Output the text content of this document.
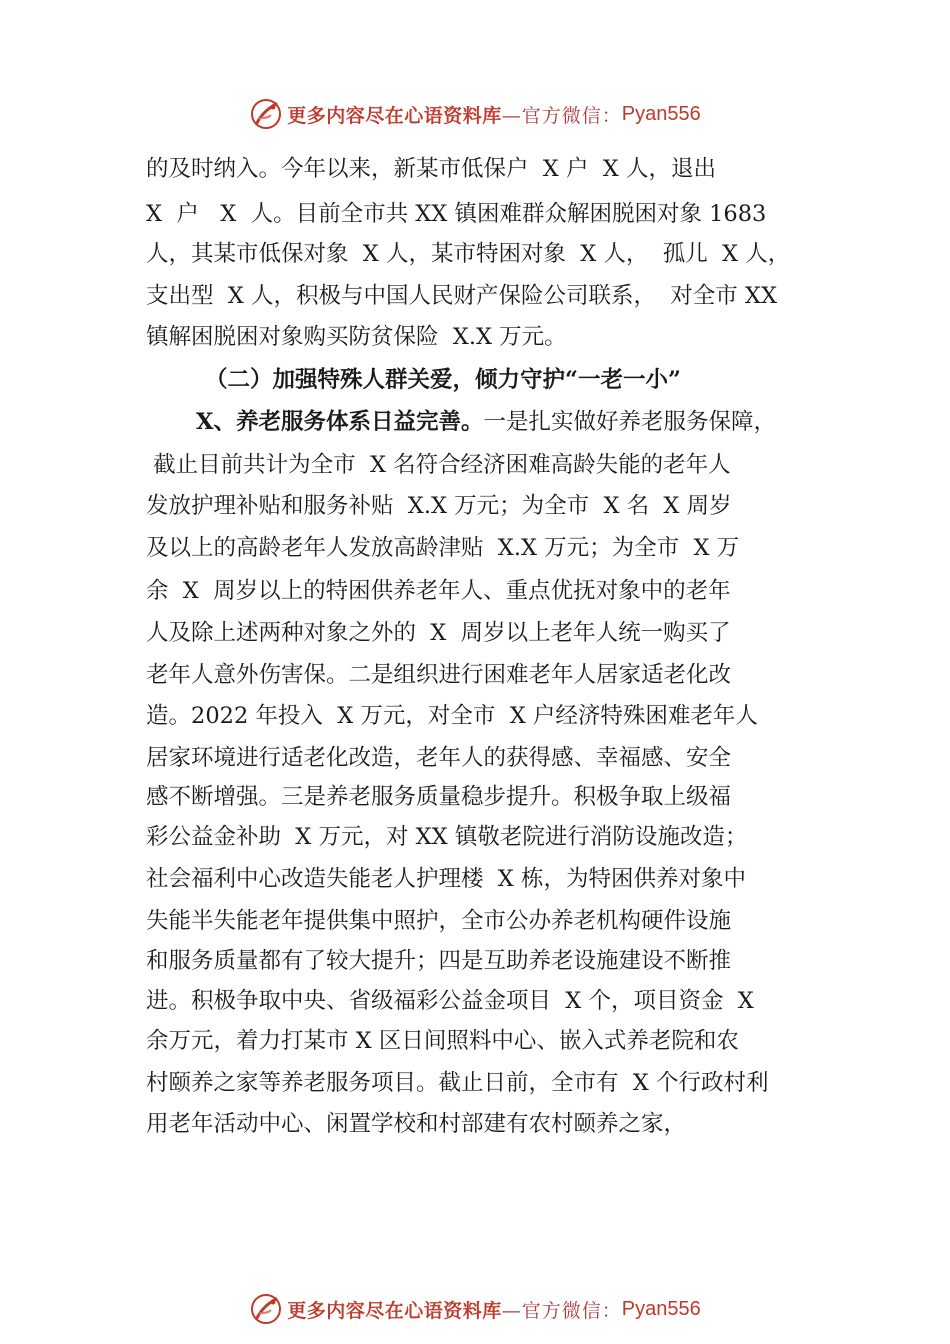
更多内容尽在心语资料库 —官方微信： Pyan556
的及时纳入。今年以来，新某市低保户  X 户  X 人，退出
X  户   X  人。目前全市共 XX 镇困难群众解困脱困对象 1683
人，其某市低保对象  X 人，某市特困对象  X 人，  孤儿  X 人，
支出型  X 人，积极与中国人民财产保险公司联系，  对全市 XX
镇解困脱困对象购买防贫保险  X.X 万元。
（二）加强特殊人群关爱，倾力守护“一老一小”
X、养老服务体系日益完善。一是扎实做好养老服务保障，
截止目前共计为全市  X 名符合经济困难高龄失能的老年人
发放护理补贴和服务补贴  X.X 万元；为全市  X 名  X 周岁
及以上的高龄老年人发放高龄津贴  X.X 万元；为全市  X 万
余  X  周岁以上的特困供养老年人、重点优抚对象中的老年
人及除上述两种对象之外的  X  周岁以上老年人统一购买了
老年人意外伤害保。二是组织进行困难老年人居家适老化改
造。2022 年投入  X 万元，对全市  X 户经济特殊困难老年人
居家环境进行适老化改造，老年人的获得感、幸福感、安全
感不断增强。三是养老服务质量稳步提升。积极争取上级福
彩公益金补助  X 万元，对 XX 镇敬老院进行消防设施改造；
社会福利中心改造失能老人护理楼  X 栋，为特困供养对象中
失能半失能老年提供集中照护，全市公办养老机构硬件设施
和服务质量都有了较大提升；四是互助养老设施建设不断推
进。积极争取中央、省级福彩公益金项目  X 个，项目资金  X
余万元，着力打某市 X 区日间照料中心、嵌入式养老院和农
村颐养之家等养老服务项目。截止日前，全市有  X 个行政村利
用老年活动中心、闲置学校和村部建有农村颐养之家，
更多内容尽在心语资料库 —官方微信： Pyan556
